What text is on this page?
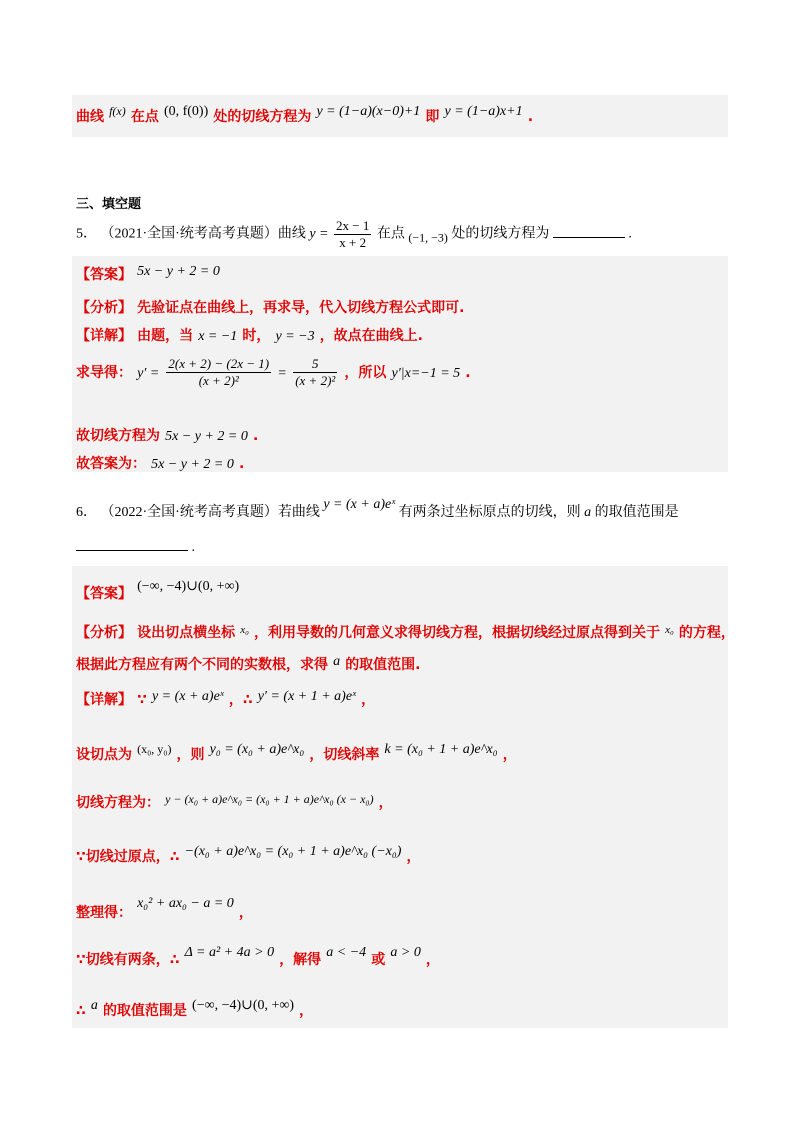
曲线 $^{f(x)}$ 在点 (0, f(0)) 处的切线方程为 y = (1−a)(x−0)+1 即 y = (1−a)x+1 .
三、填空题
5． （2021·全国·统考高考真题）曲线 $y = \frac{2x - 1}{x + 2}$ 在点 (−1, −3) 处的切线方程为	.
【答案】 5x − y + 2 = 0
【分析】 先验证点在曲线上，再求导，代入切线方程公式即可.
【详解】 由题，当 x = −1 时， y = −3 ，故点在曲线上.
求导得： $y' = \frac{2(x + 2) - (2x - 1)}{\text{(x + 2)²}} = \frac{5}{\text{(x + 2)²}}$ ，所以 y′|x=−1 = 5 .
故切线方程为 5x − y + 2 = 0 .
故答案为： 5x − y + 2 = 0 .
6． （2022·全国·统考高考真题）若曲线 y = (x + a)eˣ 有两条过坐标原点的切线，则 a 的取值范围是
.
【答案】 (−∞, −4)∪(0, +∞)
【分析】 设出切点横坐标 $^{x_0}$ ，利用导数的几何意义求得切线方程，根据切线经过原点得到关于 $^{x_0}$ 的方程，
根据此方程应有两个不同的实数根，求得 a 的取值范围.
【详解】 ∵ y = (x + a)eˣ ，∴ y′ = (x + 1 + a)eˣ ，
设切点为 $^{(x_0, y_0)}$ ，则 y₀ = (x₀ + a)e^x₀ ，切线斜率 k = (x₀ + 1 + a)e^x₀ ，
切线方程为： $^{y - (x_0 + a)e\^{}x_0 = (x_0 + 1 + a)e\^{}x_0 (x - x_0)}$ ，
∵切线过原点，∴ −(x₀ + a)e^x₀ = (x₀ + 1 + a)e^x₀ (−x₀) ，
整理得： x₀² + ax₀ − a = 0 ，
∵切线有两条，∴ Δ = a² + 4a > 0 ，解得 a < −4 或 a > 0 ，
∴ a 的取值范围是 (−∞, −4)∪(0, +∞) ，
